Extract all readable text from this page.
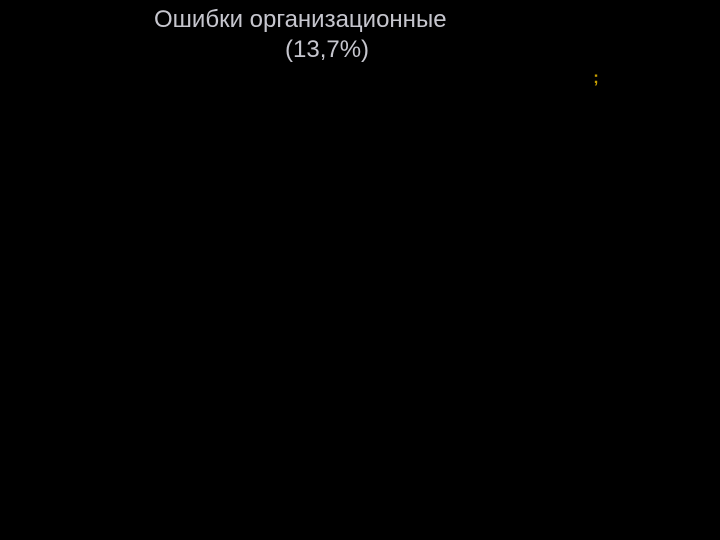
Ошибки организационные
(13,7%)
-организационные ошибки начального периода боевых действий;
а) ошибки в расстановке кадров
б) отсутствие должного оснащения хирургических бригад
-дефекты эвакуации:
а) лечебные
б) временные
в) по направлениям эвакуации
г) поздняя доставка экстренных пострадавших
д) увеличение числа этапов эвакуации раненых и пострадавших
-лечебно-организационные:
а) эвакуация раненых без выполнения окончательной остановки
кровотечения
б) эвакуация раненых в конечности без лечебной или
лечебно-транспортной иммобилизации
в) неподготовленность хирургических бригад к выполнению
экстренных оперативных вмешательств
г) выполнение оперативных вмешательств по нерацирнальным
методикам
-прочие ошибки
